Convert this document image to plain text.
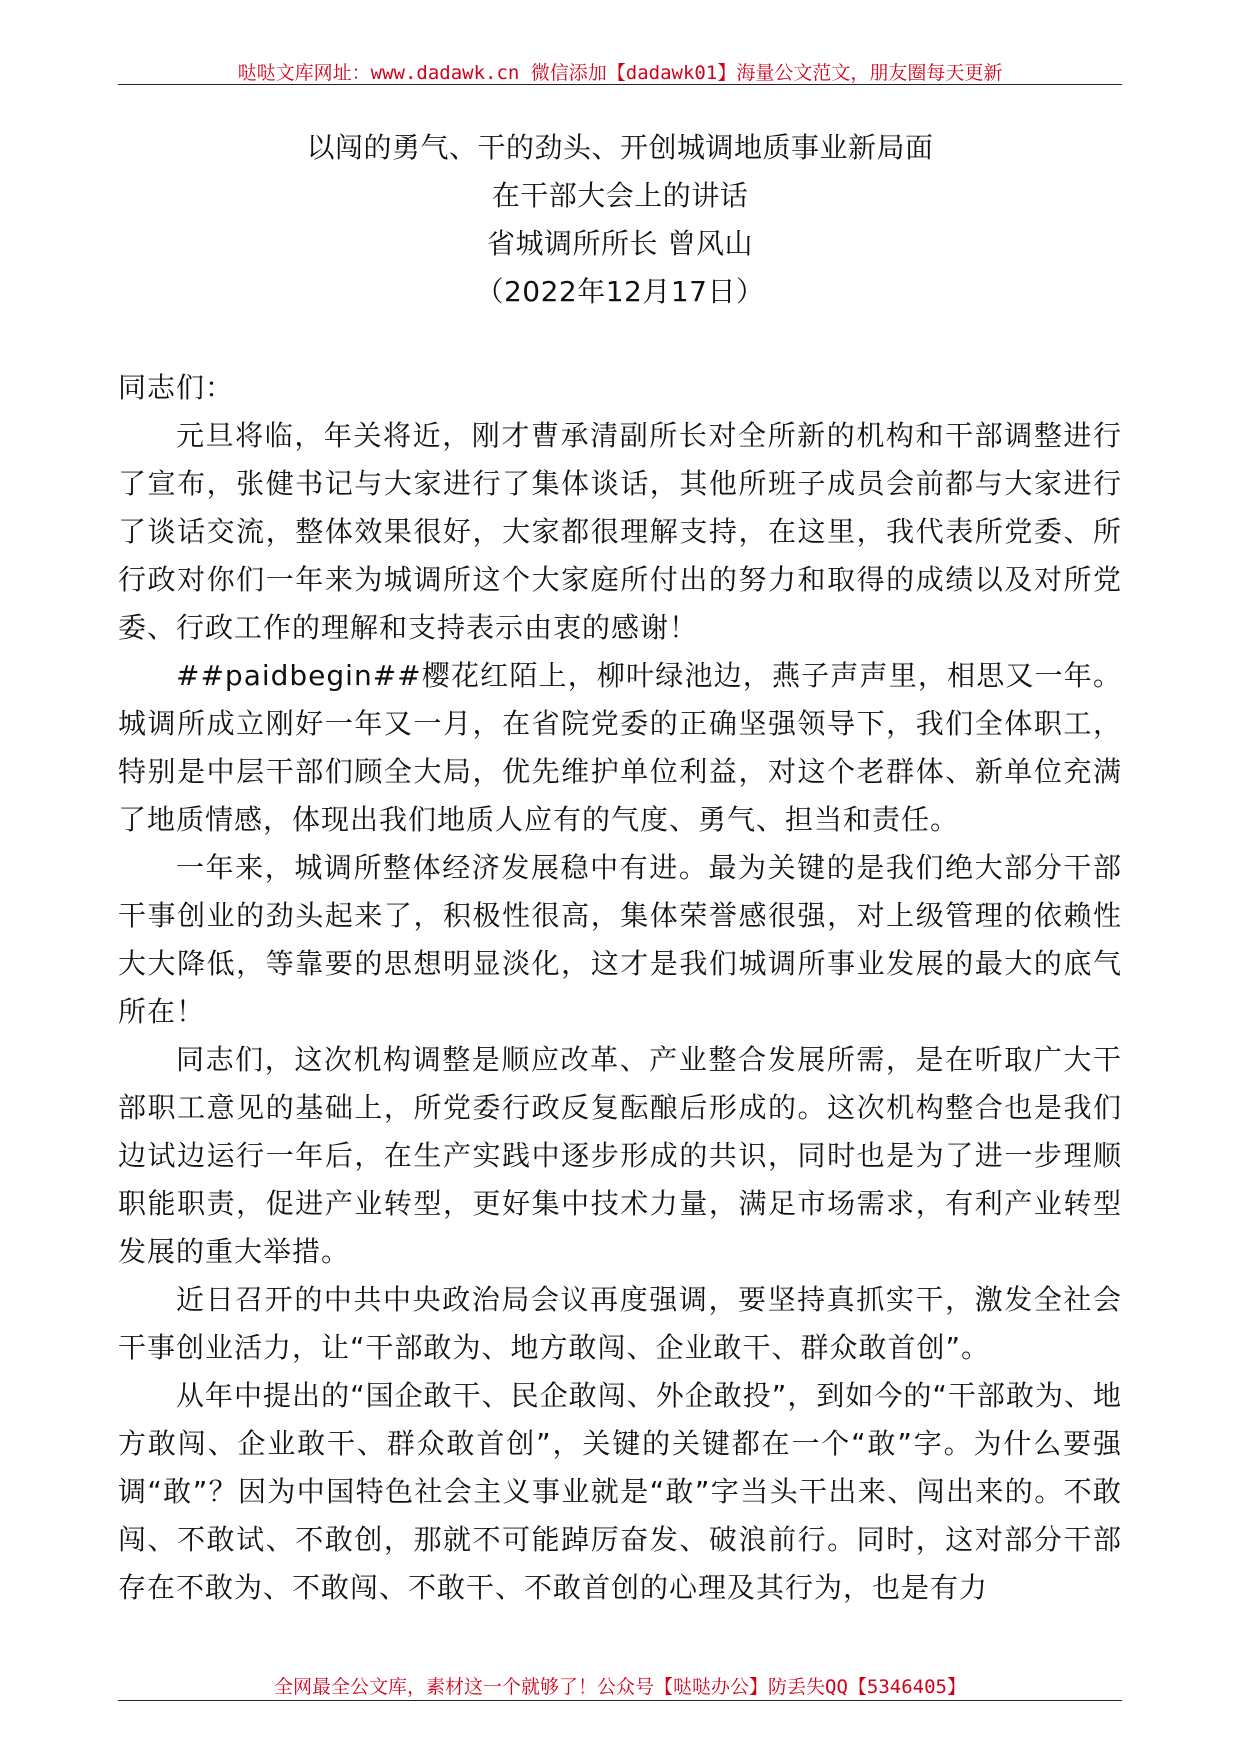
哒哒文库网址：www.dadawk.cn 微信添加【dadawk01】海量公文范文，朋友圈每天更新
以闯的勇气、干的劲头、开创城调地质事业新局面
在干部大会上的讲话
省城调所所长 曾风山
（2022年12月17日）

同志们：

元旦将临，年关将近，刚才曹承清副所长对全所新的机构和干部调整进行了宣布，张健书记与大家进行了集体谈话，其他所班子成员会前都与大家进行了谈话交流，整体效果很好，大家都很理解支持，在这里，我代表所党委、所行政对你们一年来为城调所这个大家庭所付出的努力和取得的成绩以及对所党委、行政工作的理解和支持表示由衷的感谢！

##paidbegin##樱花红陌上，柳叶绿池边，燕子声声里，相思又一年。城调所成立刚好一年又一月，在省院党委的正确坚强领导下，我们全体职工，特别是中层干部们顾全大局，优先维护单位利益，对这个老群体、新单位充满了地质情感，体现出我们地质人应有的气度、勇气、担当和责任。

一年来，城调所整体经济发展稳中有进。最为关键的是我们绝大部分干部干事创业的劲头起来了，积极性很高，集体荣誉感很强，对上级管理的依赖性大大降低，等靠要的思想明显淡化，这才是我们城调所事业发展的最大的底气所在！

同志们，这次机构调整是顺应改革、产业整合发展所需，是在听取广大干部职工意见的基础上，所党委行政反复酝酿后形成的。这次机构整合也是我们边试边运行一年后，在生产实践中逐步形成的共识，同时也是为了进一步理顺职能职责，促进产业转型，更好集中技术力量，满足市场需求，有利产业转型发展的重大举措。

近日召开的中共中央政治局会议再度强调，要坚持真抓实干，激发全社会干事创业活力，让“干部敢为、地方敢闯、企业敢干、群众敢首创”。

从年中提出的“国企敢干、民企敢闯、外企敢投”，到如今的“干部敢为、地方敢闯、企业敢干、群众敢首创”，关键的关键都在一个“敢”字。为什么要强调“敢”？因为中国特色社会主义事业就是“敢”字当头干出来、闯出来的。不敢闯、不敢试、不敢创，那就不可能踔厉奋发、破浪前行。同时，这对部分干部存在不敢为、不敢闯、不敢干、不敢首创的心理及其行为，也是有力

全网最全公文库，素材这一个就够了！公众号【哒哒办公】防丢失QQ【5346405】
